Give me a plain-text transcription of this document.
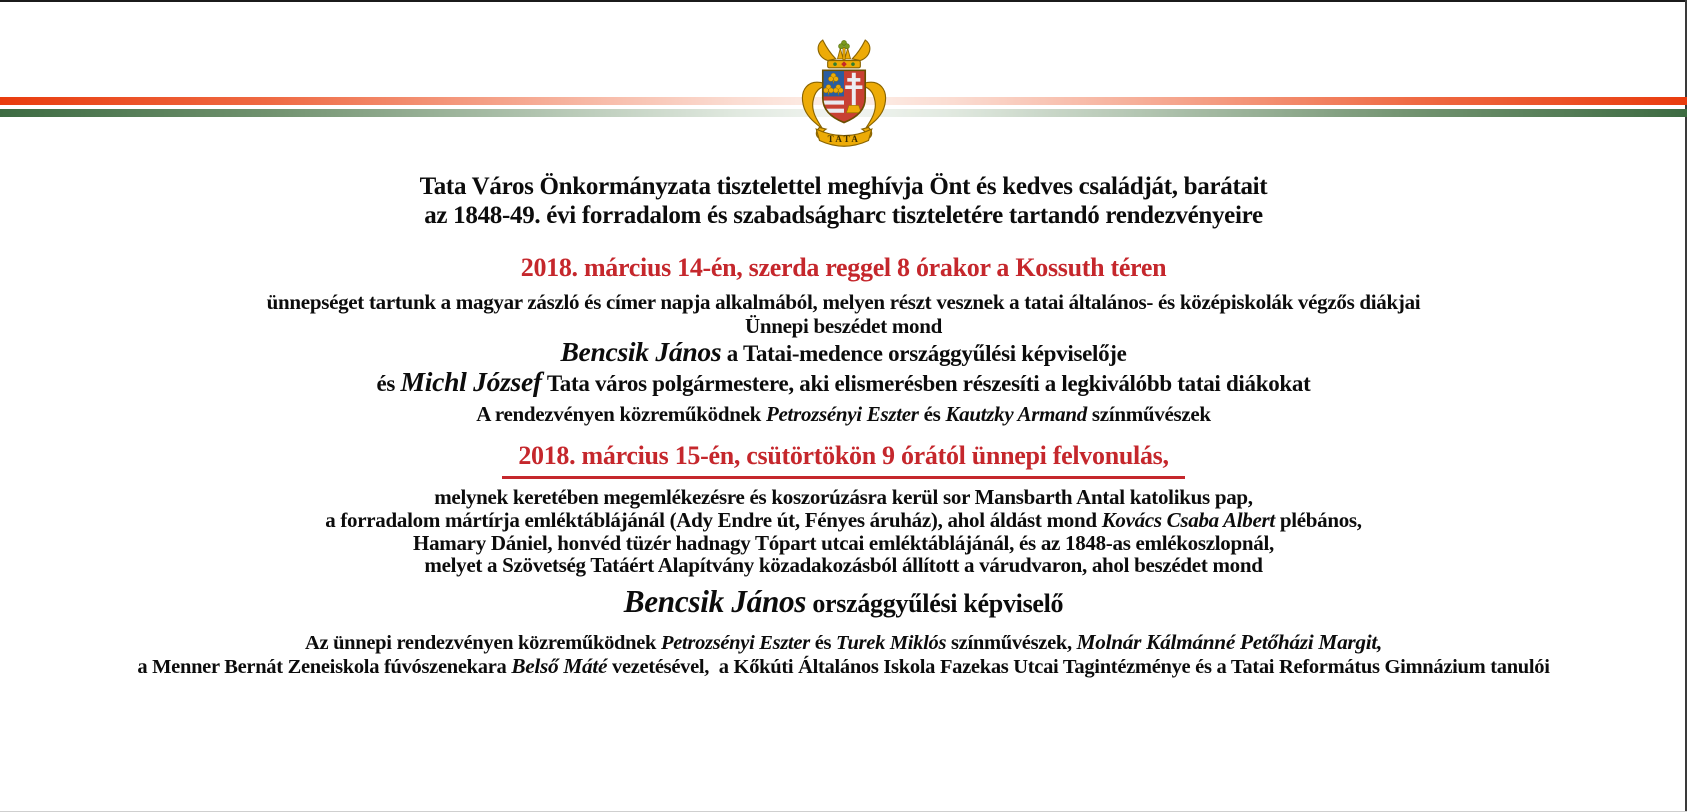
TATA
Tata Város Önkormányzata tisztelettel meghívja Önt és kedves családját, barátait
az 1848-49. évi forradalom és szabadságharc tiszteletére tartandó rendezvényeire
2018. március 14-én, szerda reggel 8 órakor a Kossuth téren
ünnepséget tartunk a magyar zászló és címer napja alkalmából, melyen részt vesznek a tatai általános- és középiskolák végzős diákjai
Ünnepi beszédet mond
Bencsik János a Tatai-medence országgyűlési képviselője
és Michl József Tata város polgármestere, aki elismerésben részesíti a legkiválóbb tatai diákokat
A rendezvényen közreműködnek Petrozsényi Eszter és Kautzky Armand színművészek
2018. március 15-én, csütörtökön 9 órától ünnepi felvonulás,
melynek keretében megemlékezésre és koszorúzásra kerül sor Mansbarth Antal katolikus pap,
a forradalom mártírja emléktáblájánál (Ady Endre út, Fényes áruház), ahol áldást mond Kovács Csaba Albert plébános,
Hamary Dániel, honvéd tüzér hadnagy Tópart utcai emléktáblájánál, és az 1848-as emlékoszlopnál,
melyet a Szövetség Tatáért Alapítvány közadakozásból állított a várudvaron, ahol beszédet mond
Bencsik János országgyűlési képviselő
Az ünnepi rendezvényen közreműködnek Petrozsényi Eszter és Turek Miklós színművészek, Molnár Kálmánné Petőházi Margit,
a Menner Bernát Zeneiskola fúvószenekara Belső Máté vezetésével,  a Kőkúti Általános Iskola Fazekas Utcai Tagintézménye és a Tatai Református Gimnázium tanulói
